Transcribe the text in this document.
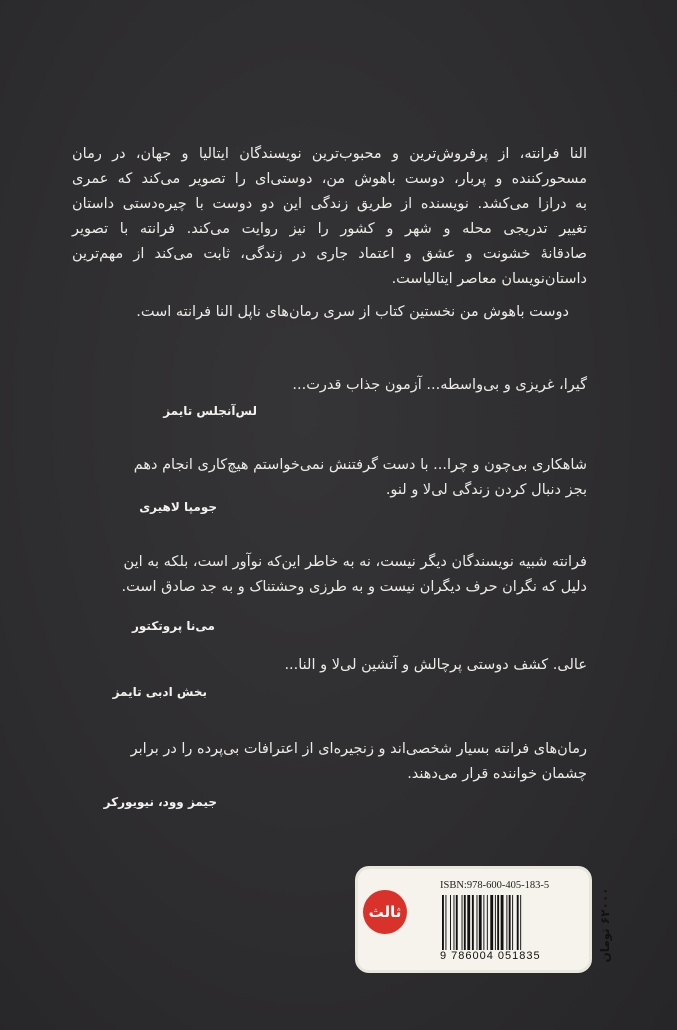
النا فرانته، از پرفروش‌ترین و محبوب‌ترین نویسندگان ایتالیا و جهان، در رمان
مسحورکننده و پربار، دوست باهوش من، دوستی‌ای را تصویر می‌کند که عمری
به درازا می‌کشد. نویسنده از طریق زندگی این دو دوست با چیره‌دستی داستان
تغییر تدریجی محله و شهر و کشور را نیز روایت می‌کند. فرانته با تصویر
صادقانهٔ خشونت و عشق و اعتماد جاری در زندگی، ثابت می‌کند از مهم‌ترین
داستان‌نویسان معاصر ایتالیاست.
دوست باهوش من نخستین کتاب از سری رمان‌های ناپل النا فرانته است.
گیرا، غریزی و بی‌واسطه... آزمون جذاب قدرت...
لس‌آنجلس تایمز
شاهکاری بی‌چون و چرا... با دست گرفتنش نمی‌خواستم هیچ‌کاری انجام دهم
بجز دنبال کردن زندگی لی‌لا و لنو.
جومپا لاهیری
فرانته شبیه نویسندگان دیگر نیست، نه به خاطر این‌که نوآور است، بلکه به این
دلیل که نگران حرف دیگران نیست و به طرزی وحشتناک و به جد صادق است.
می‌نا پروتکتور
عالی. کشف دوستی پرچالش و آتشین لی‌لا و النا...
بخش ادبی تایمز
رمان‌های فرانته بسیار شخصی‌اند و زنجیره‌ای از اعترافات بی‌پرده را در برابر
چشمان خواننده قرار می‌دهند.
جیمز وود، نیویورکر
ثالث
ISBN:978-600-405-183-5
9 786004 051835	۶۲۰۰۰ تومان
